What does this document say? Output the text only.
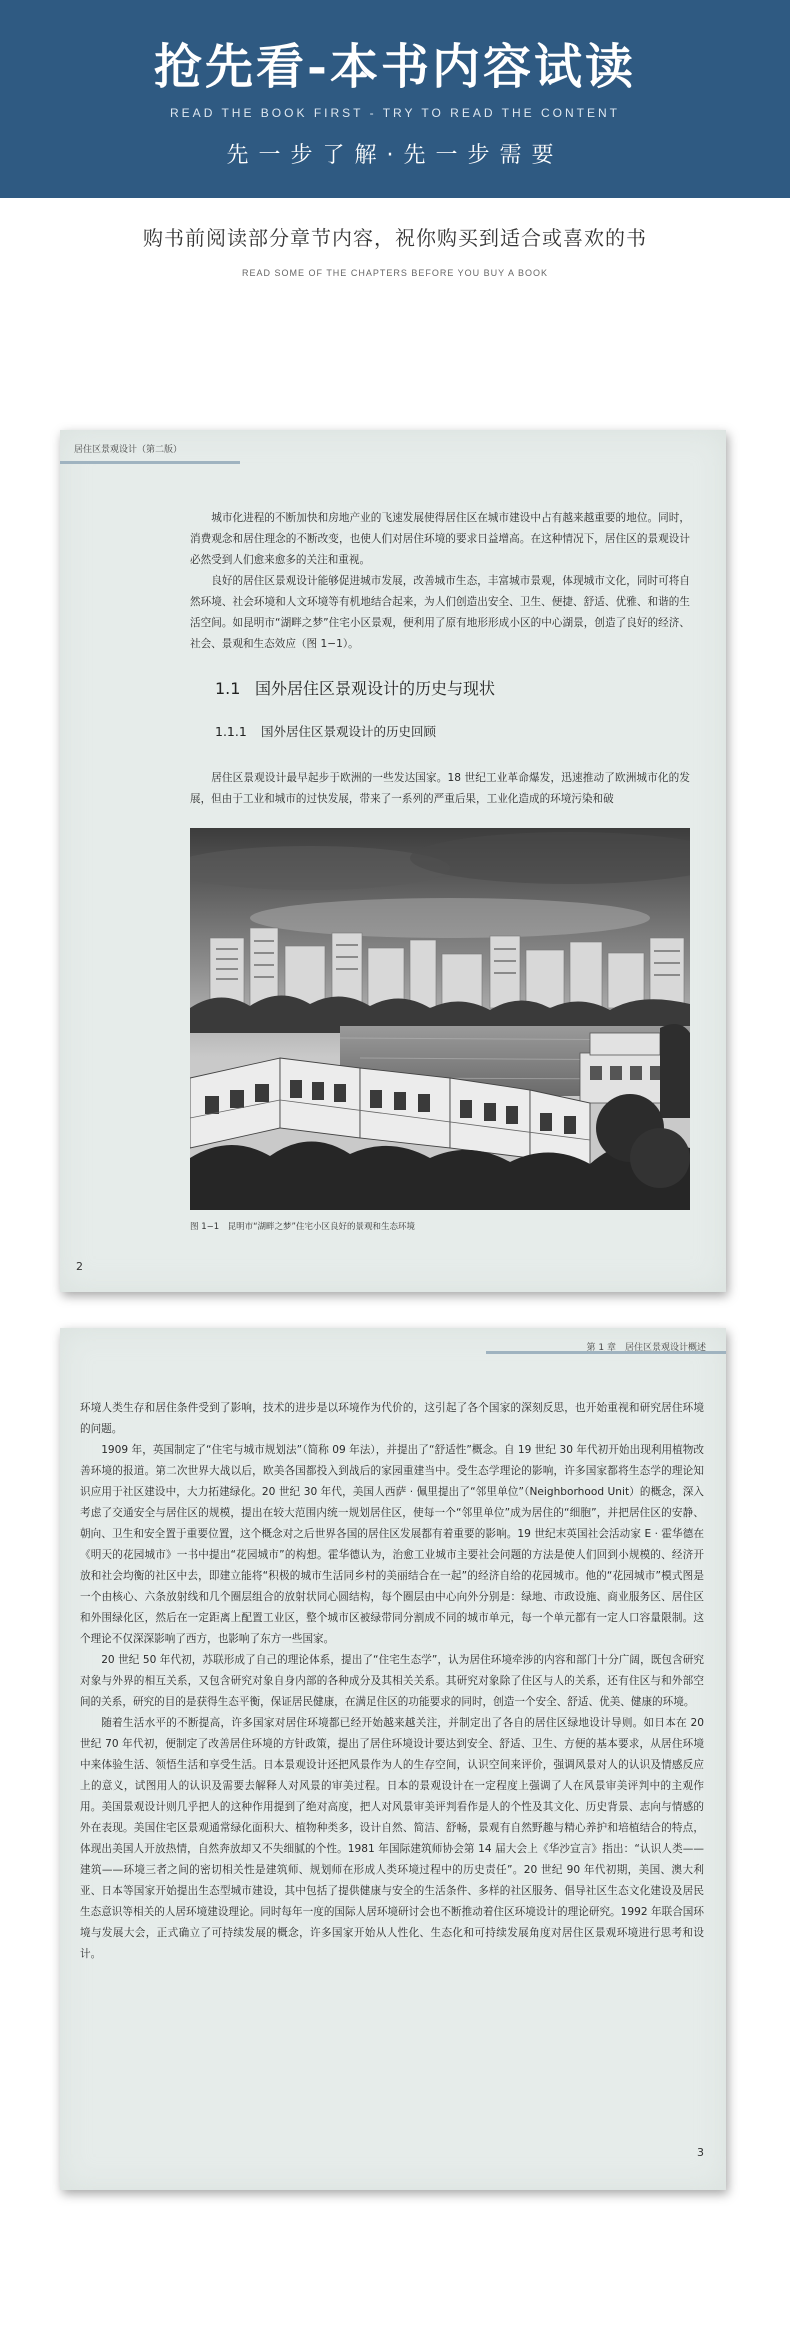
抢先看-本书内容试读
READ THE BOOK FIRST - TRY TO READ THE CONTENT
先一步了解·先一步需要
购书前阅读部分章节内容，祝你购买到适合或喜欢的书
READ SOME OF THE CHAPTERS BEFORE YOU BUY A BOOK
居住区景观设计（第二版）

城市化进程的不断加快和房地产业的飞速发展使得居住区在城市建设中占有越来越重要的地位。同时，消费观念和居住理念的不断改变，也使人们对居住环境的要求日益增高。在这种情况下，居住区的景观设计必然受到人们愈来愈多的关注和重视。

良好的居住区景观设计能够促进城市发展，改善城市生态，丰富城市景观，体现城市文化，同时可将自然环境、社会环境和人文环境等有机地结合起来，为人们创造出安全、卫生、便捷、舒适、优雅、和谐的生活空间。如昆明市“湖畔之梦”住宅小区景观，便利用了原有地形形成小区的中心湖景，创造了良好的经济、社会、景观和生态效应（图 1−1）。

1.1 国外居住区景观设计的历史与现状
1.1.1 国外居住区景观设计的历史回顾

居住区景观设计最早起步于欧洲的一些发达国家。18 世纪工业革命爆发，迅速推动了欧洲城市化的发展，但由于工业和城市的过快发展，带来了一系列的严重后果，工业化造成的环境污染和破

图 1−1　昆明市“湖畔之梦”住宅小区良好的景观和生态环境
2
第 1 章　居住区景观设计概述

环境人类生存和居住条件受到了影响，技术的进步是以环境作为代价的，这引起了各个国家的深刻反思，也开始重视和研究居住环境的问题。

1909 年，英国制定了“住宅与城市规划法”（简称 09 年法），并提出了“舒适性”概念。自 19 世纪 30 年代初开始出现利用植物改善环境的报道。第二次世界大战以后，欧美各国都投入到战后的家园重建当中。受生态学理论的影响，许多国家都将生态学的理论知识应用于社区建设中，大力拓建绿化。20 世纪 30 年代，美国人西萨 · 佩里提出了“邻里单位”（Neighborhood Unit）的概念，深入考虑了交通安全与居住区的规模，提出在较大范围内统一规划居住区，使每一个“邻里单位”成为居住的“细胞”，并把居住区的安静、朝向、卫生和安全置于重要位置，这个概念对之后世界各国的居住区发展都有着重要的影响。19 世纪末英国社会活动家 E · 霍华德在《明天的花园城市》一书中提出“花园城市”的构想。霍华德认为，治愈工业城市主要社会问题的方法是使人们回到小规模的、经济开放和社会均衡的社区中去，即建立能将“积极的城市生活同乡村的美丽结合在一起”的经济自给的花园城市。他的“花园城市”模式图是一个由核心、六条放射线和几个圈层组合的放射状同心圆结构，每个圈层由中心向外分别是：绿地、市政设施、商业服务区、居住区和外围绿化区，然后在一定距离上配置工业区，整个城市区被绿带同分割成不同的城市单元，每一个单元都有一定人口容量限制。这个理论不仅深深影响了西方，也影响了东方一些国家。

20 世纪 50 年代初，苏联形成了自己的理论体系，提出了“住宅生态学”，认为居住环境牵涉的内容和部门十分广阔，既包含研究对象与外界的相互关系，又包含研究对象自身内部的各种成分及其相关关系。其研究对象除了住区与人的关系，还有住区与和外部空间的关系，研究的目的是获得生态平衡，保证居民健康，在满足住区的功能要求的同时，创造一个安全、舒适、优美、健康的环境。

随着生活水平的不断提高，许多国家对居住环境都已经开始越来越关注，并制定出了各自的居住区绿地设计导则。如日本在 20 世纪 70 年代初，便制定了改善居住环境的方针政策，提出了居住环境设计要达到安全、舒适、卫生、方便的基本要求，从居住环境中来体验生活、领悟生活和享受生活。日本景观设计还把风景作为人的生存空间，认识空间来评价，强调风景对人的认识及情感反应上的意义，试图用人的认识及需要去解释人对风景的审美过程。日本的景观设计在一定程度上强调了人在风景审美评判中的主观作用。美国景观设计则几乎把人的这种作用提到了绝对高度，把人对风景审美评判看作是人的个性及其文化、历史背景、志向与情感的外在表现。美国住宅区景观通常绿化面积大、植物种类多，设计自然、简洁、舒畅，景观有自然野趣与精心养护和培植结合的特点，体现出美国人开放热情，自然奔放却又不失细腻的个性。1981 年国际建筑师协会第 14 届大会上《华沙宣言》指出：“认识人类——建筑——环境三者之间的密切相关性是建筑师、规划师在形成人类环境过程中的历史责任”。20 世纪 90 年代初期，美国、澳大利亚、日本等国家开始提出生态型城市建设，其中包括了提供健康与安全的生活条件、多样的社区服务、倡导社区生态文化建设及居民生态意识等相关的人居环境建设理论。同时每年一度的国际人居环境研讨会也不断推动着住区环境设计的理论研究。1992 年联合国环境与发展大会，正式确立了可持续发展的概念，许多国家开始从人性化、生态化和可持续发展角度对居住区景观环境进行思考和设计。

3
